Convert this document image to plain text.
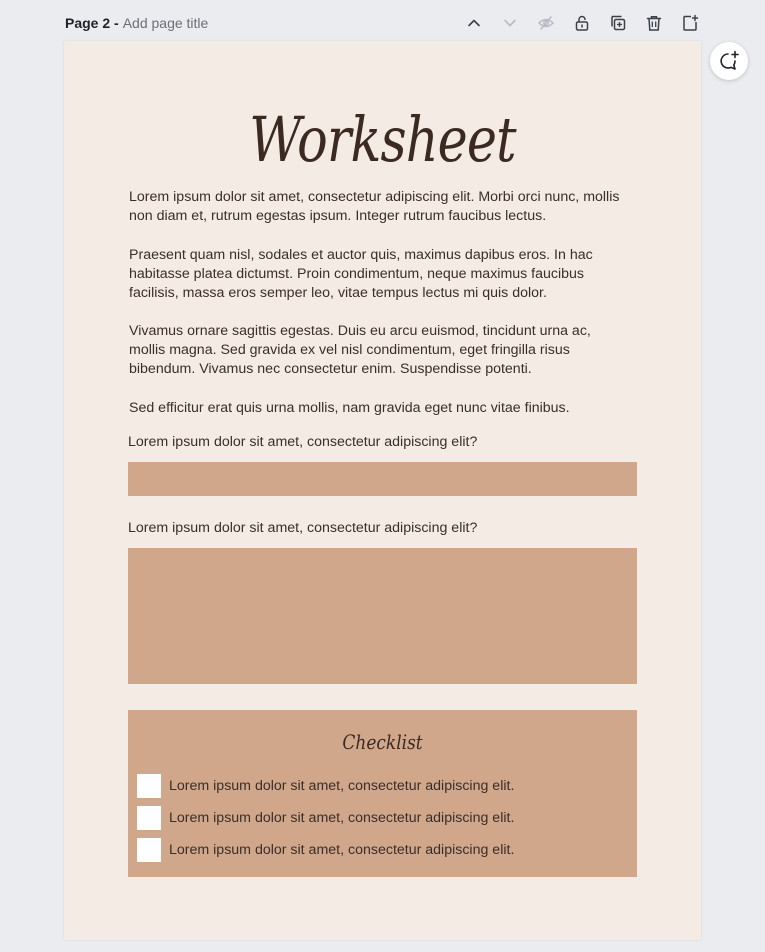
Page 2 - Add page title
Worksheet

Lorem ipsum dolor sit amet, consectetur adipiscing elit. Morbi orci nunc, mollis non diam et, rutrum egestas ipsum. Integer rutrum faucibus lectus.

Praesent quam nisl, sodales et auctor quis, maximus dapibus eros. In hac habitasse platea dictumst. Proin condimentum, neque maximus faucibus facilisis, massa eros semper leo, vitae tempus lectus mi quis dolor.

Vivamus ornare sagittis egestas. Duis eu arcu euismod, tincidunt urna ac, mollis magna. Sed gravida ex vel nisl condimentum, eget fringilla risus bibendum. Vivamus nec consectetur enim. Suspendisse potenti.

Sed efficitur erat quis urna mollis, nam gravida eget nunc vitae finibus.

Lorem ipsum dolor sit amet, consectetur adipiscing elit?
Lorem ipsum dolor sit amet, consectetur adipiscing elit?
Checklist
Lorem ipsum dolor sit amet, consectetur adipiscing elit.
Lorem ipsum dolor sit amet, consectetur adipiscing elit.
Lorem ipsum dolor sit amet, consectetur adipiscing elit.
